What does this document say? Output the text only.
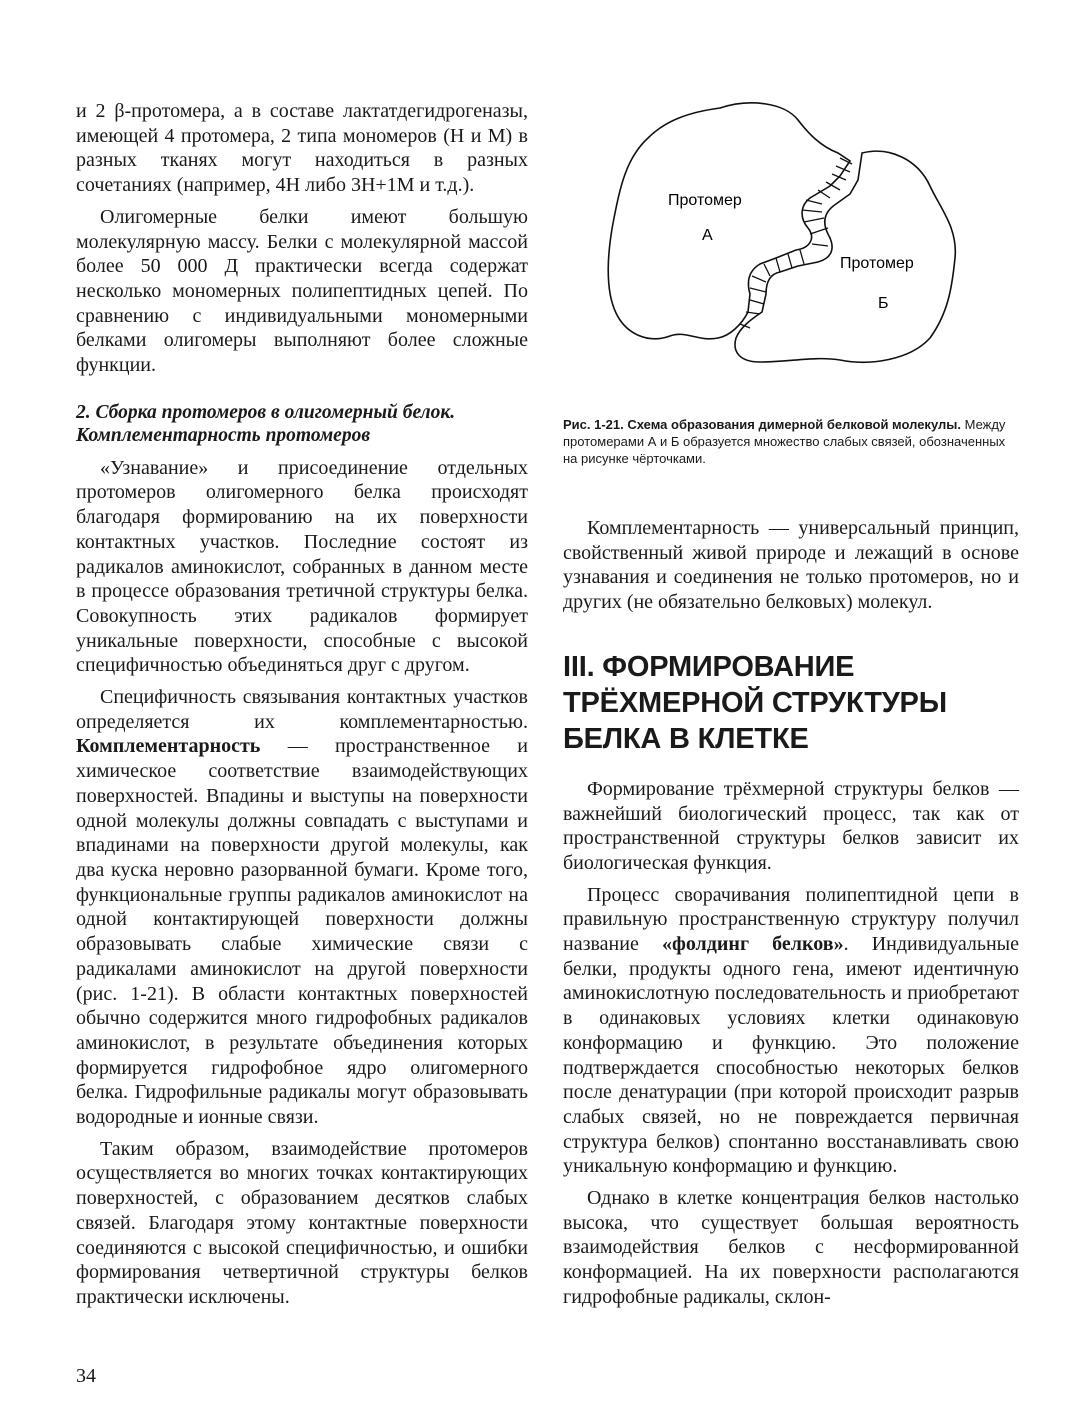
и 2 β-протомера, а в составе лактатдегидрогеназы, имеющей 4 протомера, 2 типа мономеров (Н и М) в разных тканях могут находиться в разных сочетаниях (например, 4Н либо 3Н+1М и т.д.).

Олигомерные белки имеют большую молекулярную массу. Белки с молекулярной массой более 50 000 Д практически всегда содержат несколько мономерных полипептидных цепей. По сравнению с индивидуальными мономерными белками олигомеры выполняют более сложные функции.

2. Сборка протомеров в олигомерный белок. Комплементарность протомеров

«Узнавание» и присоединение отдельных протомеров олигомерного белка происходят благодаря формированию на их поверхности контактных участков. Последние состоят из радикалов аминокислот, собранных в данном месте в процессе образования третичной структуры белка. Совокупность этих радикалов формирует уникальные поверхности, способные с высокой специфичностью объединяться друг с другом.

Специфичность связывания контактных участков определяется их комплементарностью. Комплементарность — пространственное и химическое соответствие взаимодействующих поверхностей. Впадины и выступы на поверхности одной молекулы должны совпадать с выступами и впадинами на поверхности другой молекулы, как два куска неровно разорванной бумаги. Кроме того, функциональные группы радикалов аминокислот на одной контактирующей поверхности должны образовывать слабые химические связи с радикалами аминокислот на другой поверхности (рис. 1-21). В области контактных поверхностей обычно содержится много гидрофобных радикалов аминокислот, в результате объединения которых формируется гидрофобное ядро олигомерного белка. Гидрофильные радикалы могут образовывать водородные и ионные связи.

Таким образом, взаимодействие протомеров осуществляется во многих точках контактирующих поверхностей, с образованием десятков слабых связей. Благодаря этому контактные поверхности соединяются с высокой специфичностью, и ошибки формирования четвертичной структуры белков практически исключены.

Протомер
А
Протомер
Б
Рис. 1-21. Схема образования димерной белковой молекулы. Между протомерами А и Б образуется множество слабых связей, обозначенных на рисунке чёрточками.

Комплементарность — универсальный принцип, свойственный живой природе и лежащий в основе узнавания и соединения не только протомеров, но и других (не обязательно белковых) молекул.

III. ФОРМИРОВАНИЕ
ТРЁХМЕРНОЙ СТРУКТУРЫ
БЕЛКА В КЛЕТКЕ

Формирование трёхмерной структуры белков — важнейший биологический процесс, так как от пространственной структуры белков зависит их биологическая функция.

Процесс сворачивания полипептидной цепи в правильную пространственную структуру получил название «фолдинг белков». Индивидуальные белки, продукты одного гена, имеют идентичную аминокислотную последовательность и приобретают в одинаковых условиях клетки одинаковую конформацию и функцию. Это положение подтверждается способностью некоторых белков после денатурации (при которой происходит разрыв слабых связей, но не повреждается первичная структура белков) спонтанно восстанавливать свою уникальную конформацию и функцию.

Однако в клетке концентрация белков настолько высока, что существует большая вероятность взаимодействия белков с несформированной конформацией. На их поверхности располагаются гидрофобные радикалы, склон-

34
